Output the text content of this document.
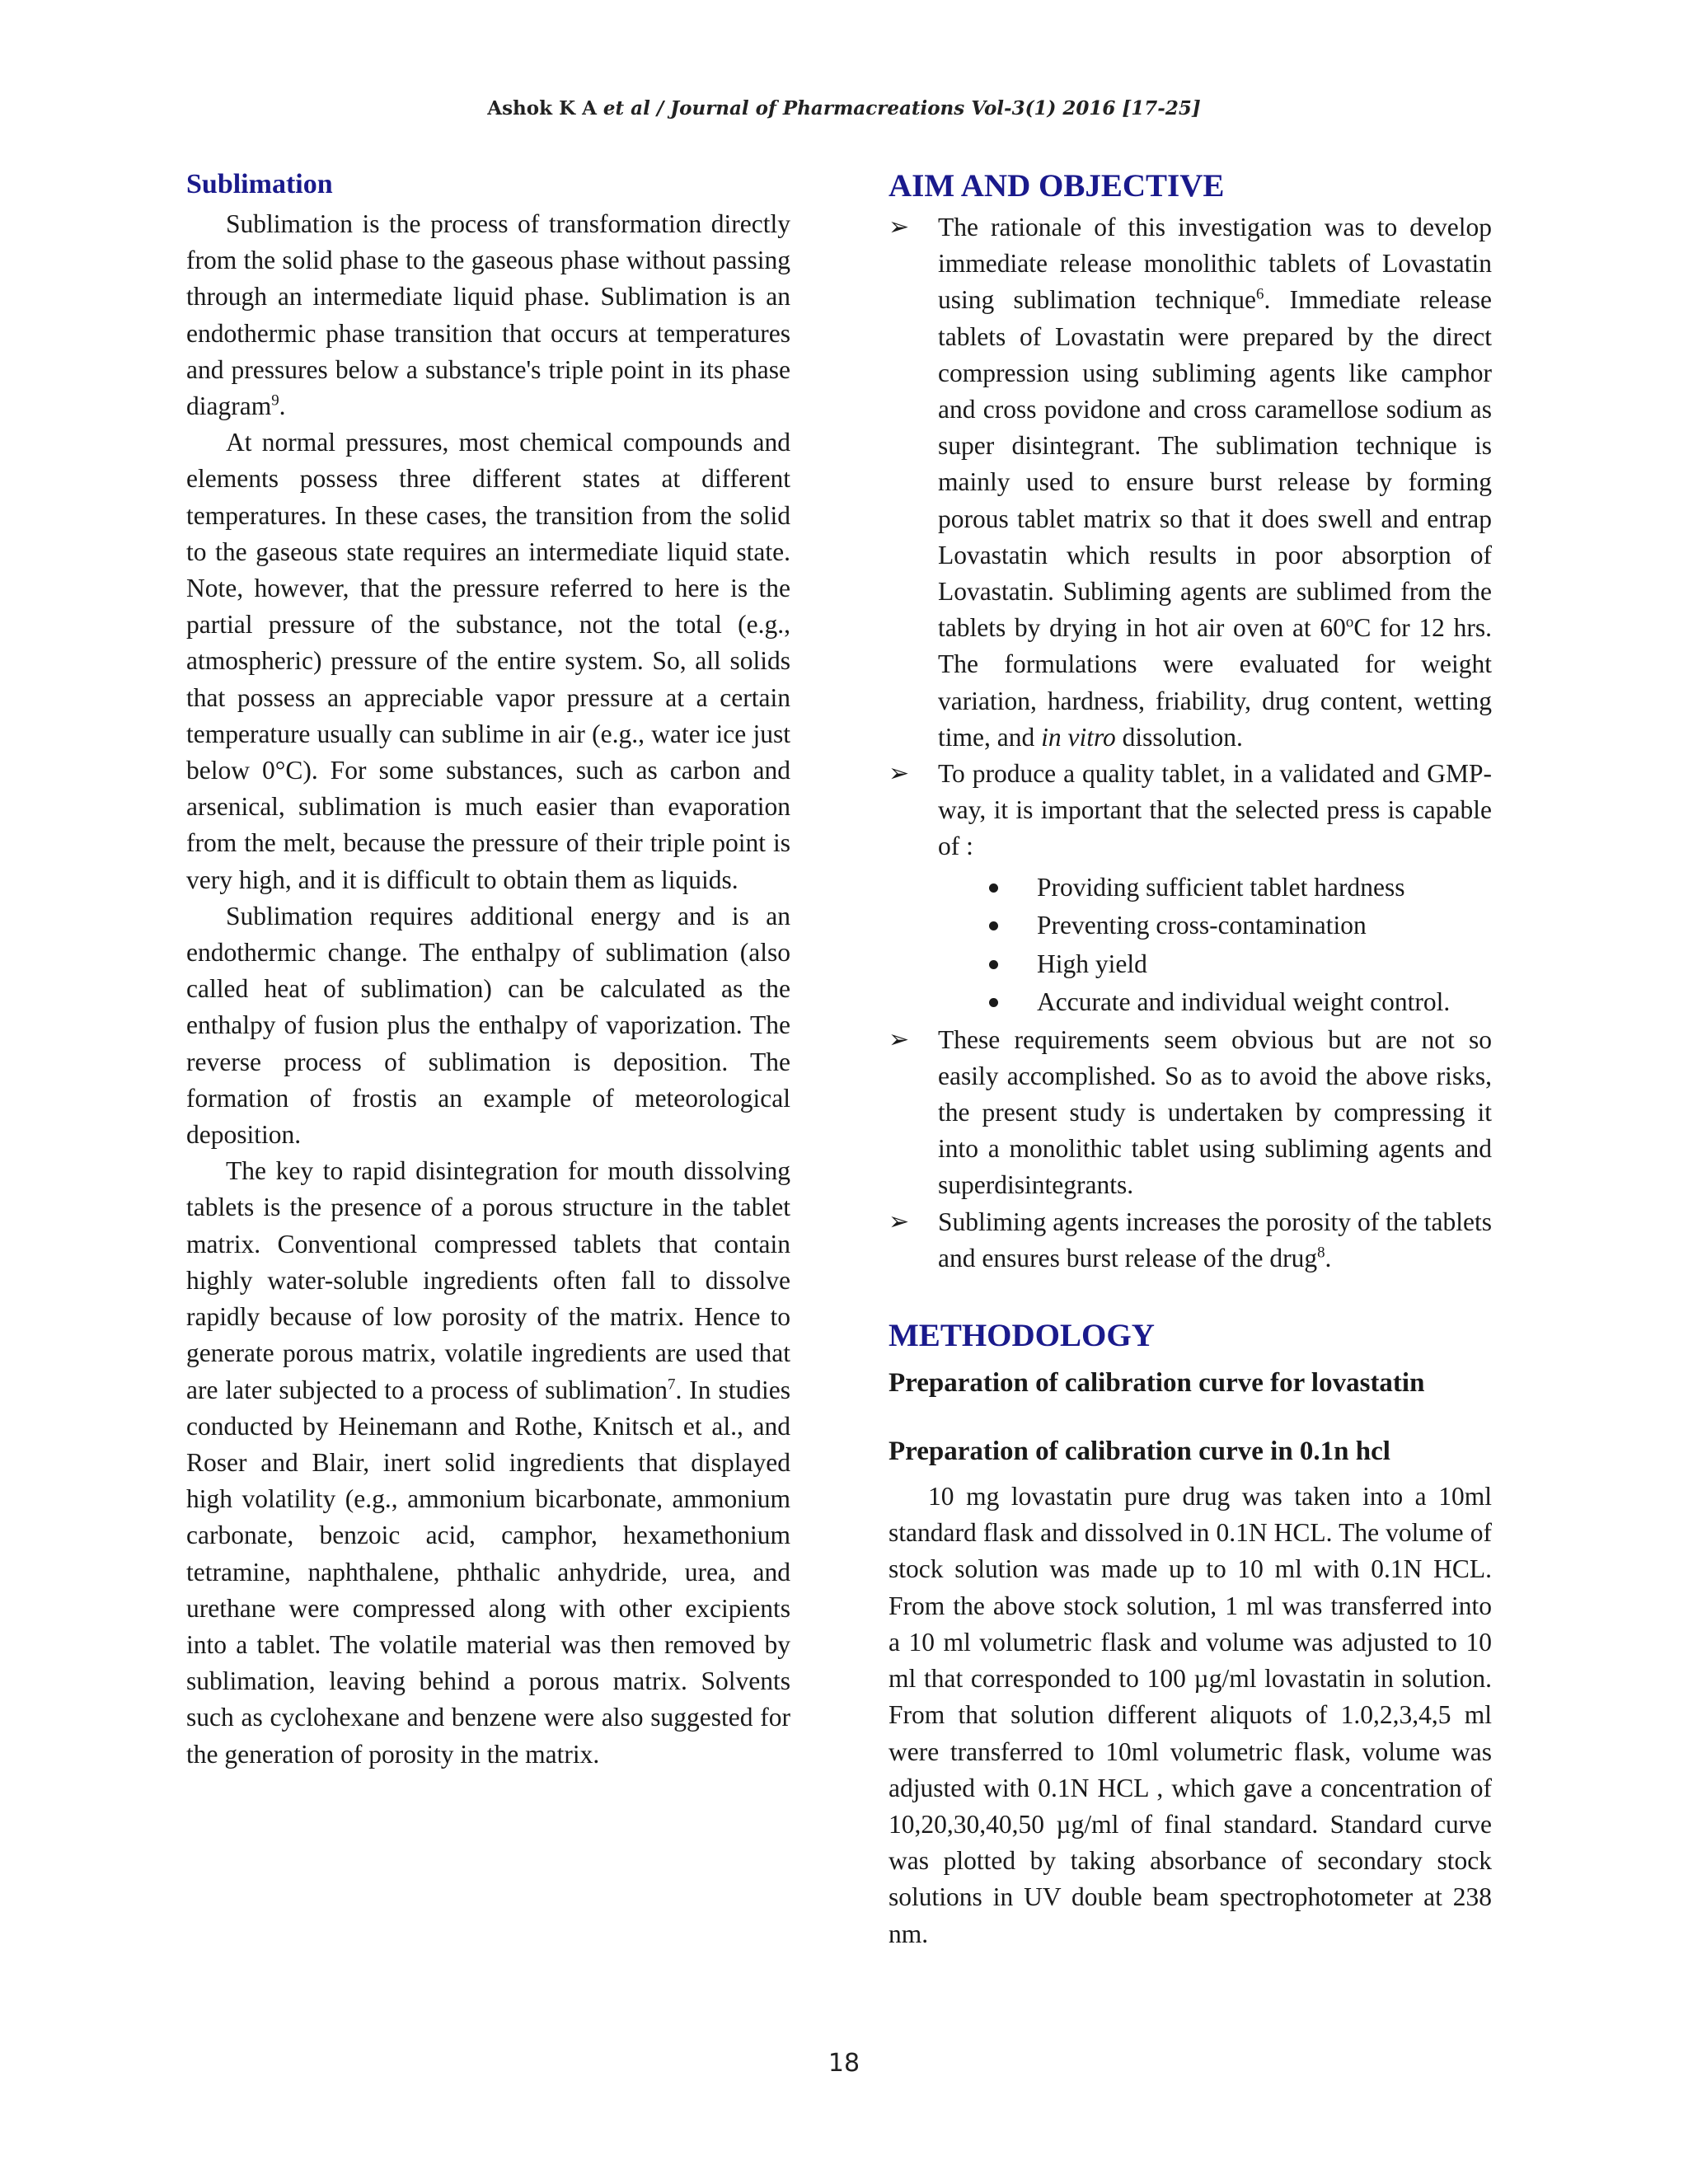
Ashok K A et al / Journal of Pharmacreations Vol-3(1) 2016 [17-25]
Sublimation

Sublimation is the process of transformation directly from the solid phase to the gaseous phase without passing through an intermediate liquid phase. Sublimation is an endothermic phase transition that occurs at temperatures and pressures below a substance's triple point in its phase diagram$^9$.

At normal pressures, most chemical compounds and elements possess three different states at different temperatures. In these cases, the transition from the solid to the gaseous state requires an intermediate liquid state. Note, however, that the pressure referred to here is the partial pressure of the substance, not the total (e.g., atmospheric) pressure of the entire system. So, all solids that possess an appreciable vapor pressure at a certain temperature usually can sublime in air (e.g., water ice just below 0°C). For some substances, such as carbon and arsenical, sublimation is much easier than evaporation from the melt, because the pressure of their triple point is very high, and it is difficult to obtain them as liquids.

Sublimation requires additional energy and is an endothermic change. The enthalpy of sublimation (also called heat of sublimation) can be calculated as the enthalpy of fusion plus the enthalpy of vaporization. The reverse process of sublimation is deposition. The formation of frostis an example of meteorological deposition.

The key to rapid disintegration for mouth dissolving tablets is the presence of a porous structure in the tablet matrix. Conventional compressed tablets that contain highly water-soluble ingredients often fall to dissolve rapidly because of low porosity of the matrix. Hence to generate porous matrix, volatile ingredients are used that are later subjected to a process of sublimation$^7$. In studies conducted by Heinemann and Rothe, Knitsch et al., and Roser and Blair, inert solid ingredients that displayed high volatility (e.g., ammonium bicarbonate, ammonium carbonate, benzoic acid, camphor, hexamethonium tetramine, naphthalene, phthalic anhydride, urea, and urethane were compressed along with other excipients into a tablet. The volatile material was then removed by sublimation, leaving behind a porous matrix. Solvents such as cyclohexane and benzene were also suggested for the generation of porosity in the matrix.

AIM AND OBJECTIVE
➢ The rationale of this investigation was to develop immediate release monolithic tablets of Lovastatin using sublimation technique$^6$. Immediate release tablets of Lovastatin were prepared by the direct compression using subliming agents like camphor and cross povidone and cross caramellose sodium as super disintegrant. The sublimation technique is mainly used to ensure burst release by forming porous tablet matrix so that it does swell and entrap Lovastatin which results in poor absorption of Lovastatin. Subliming agents are sublimed from the tablets by drying in hot air oven at 60$^o$C for 12 hrs. The formulations were evaluated for weight variation, hardness, friability, drug content, wetting time, and in vitro dissolution.
➢ To produce a quality tablet, in a validated and GMP-way, it is important that the selected press is capable of :
Providing sufficient tablet hardness
Preventing cross-contamination
High yield
Accurate and individual weight control.
➢ These requirements seem obvious but are not so easily accomplished. So as to avoid the above risks, the present study is undertaken by compressing it into a monolithic tablet using subliming agents and superdisintegrants.
➢ Subliming agents increases the porosity of the tablets and ensures burst release of the drug$^8$.
METHODOLOGY
Preparation of calibration curve for lovastatin
Preparation of calibration curve in 0.1n hcl

10 mg lovastatin pure drug was taken into a 10ml standard flask and dissolved in 0.1N HCL. The volume of stock solution was made up to 10 ml with 0.1N HCL. From the above stock solution, 1 ml was transferred into a 10 ml volumetric flask and volume was adjusted to 10 ml that corresponded to 100 µg/ml lovastatin in solution. From that solution different aliquots of 1.0,2,3,4,5 ml were transferred to 10ml volumetric flask, volume was adjusted with 0.1N HCL , which gave a concentration of 10,20,30,40,50 µg/ml of final standard. Standard curve was plotted by taking absorbance of secondary stock solutions in UV double beam spectrophotometer at 238 nm.

18
